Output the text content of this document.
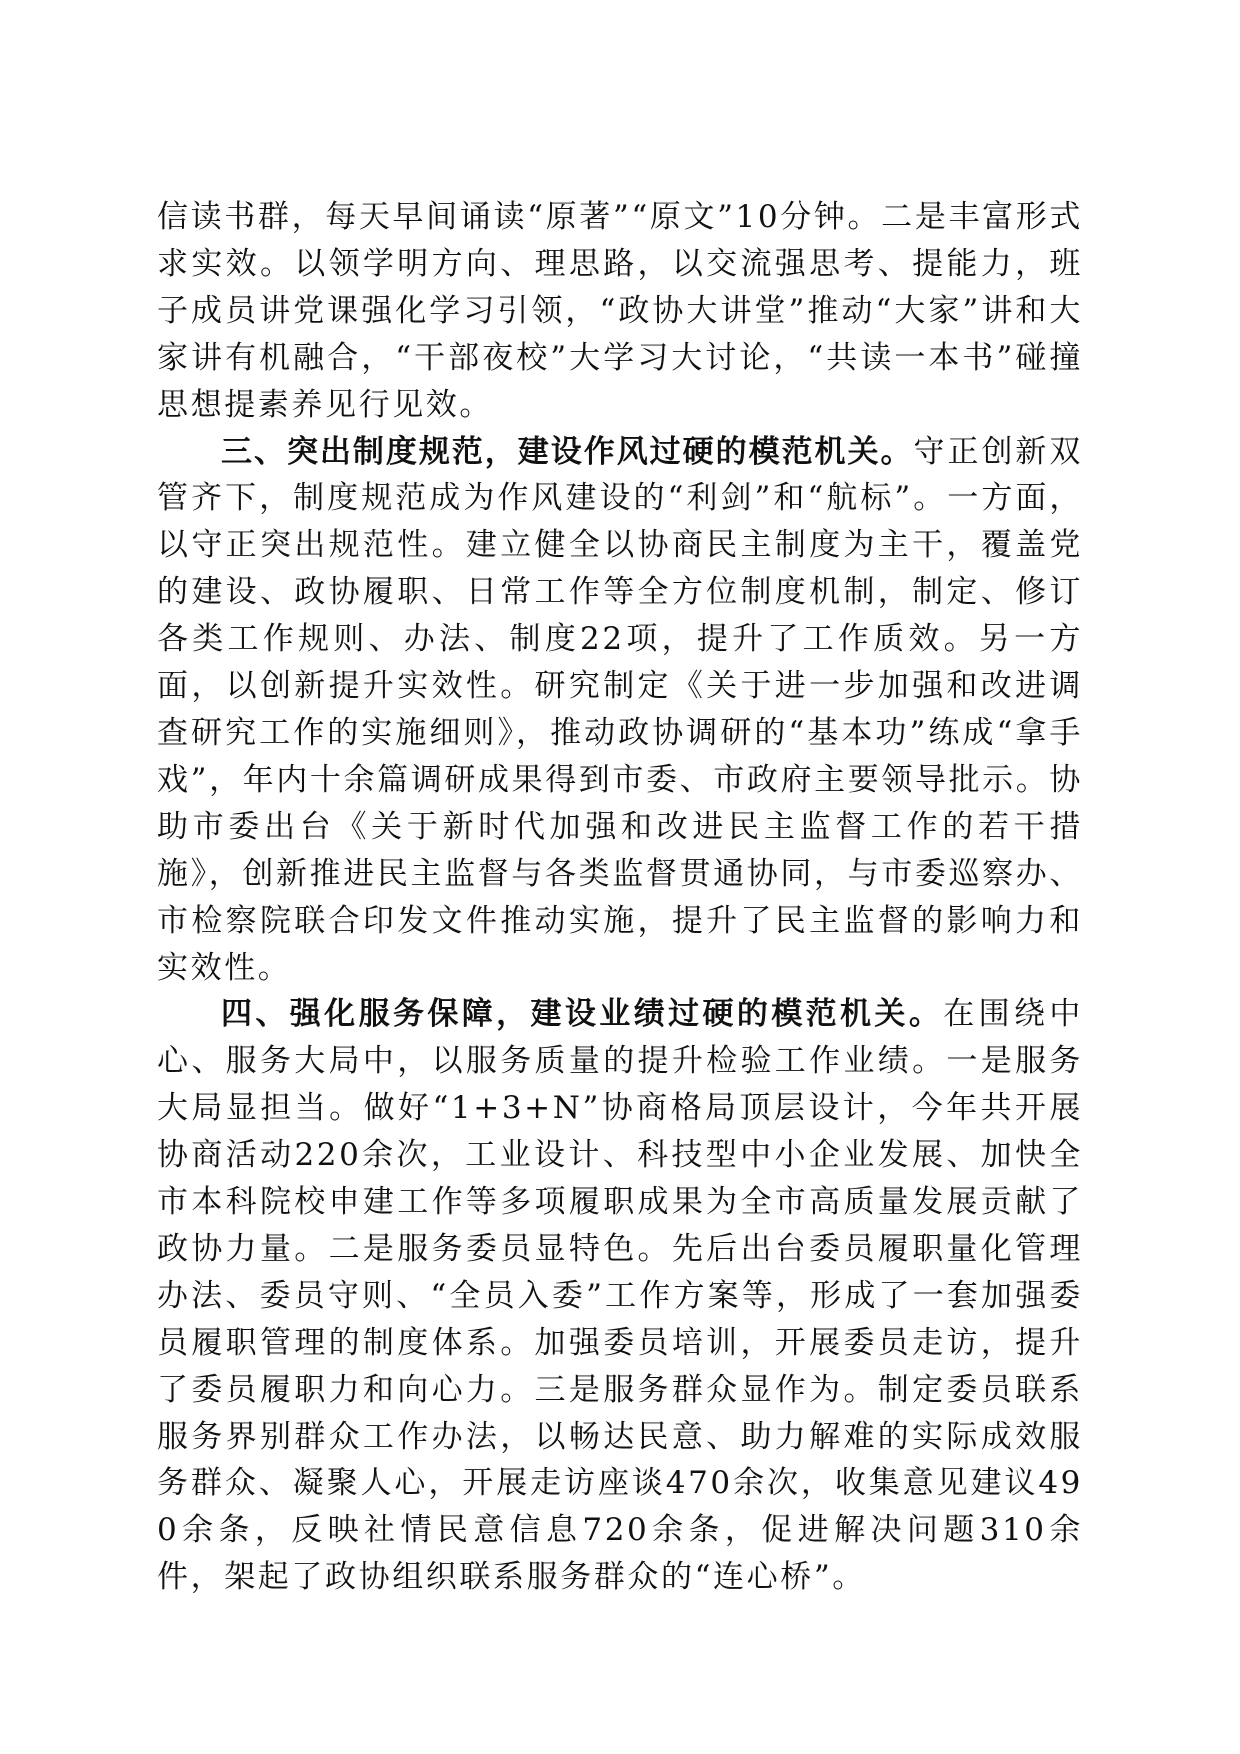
信读书群，每天早间诵读“原著”“原文”10分钟。二是丰富形式求实效。以领学明方向、理思路，以交流强思考、提能力，班子成员讲党课强化学习引领，“政协大讲堂”推动“大家”讲和大家讲有机融合，“干部夜校”大学习大讨论，“共读一本书”碰撞思想提素养见行见效。

三、突出制度规范，建设作风过硬的模范机关。守正创新双管齐下，制度规范成为作风建设的“利剑”和“航标”。一方面，以守正突出规范性。建立健全以协商民主制度为主干，覆盖党的建设、政协履职、日常工作等全方位制度机制，制定、修订各类工作规则、办法、制度22项，提升了工作质效。另一方面，以创新提升实效性。研究制定《关于进一步加强和改进调查研究工作的实施细则》，推动政协调研的“基本功”练成“拿手戏”，年内十余篇调研成果得到市委、市政府主要领导批示。协助市委出台《关于新时代加强和改进民主监督工作的若干措施》，创新推进民主监督与各类监督贯通协同，与市委巡察办、市检察院联合印发文件推动实施，提升了民主监督的影响力和实效性。

四、强化服务保障，建设业绩过硬的模范机关。在围绕中心、服务大局中，以服务质量的提升检验工作业绩。一是服务大局显担当。做好“1+3+N”协商格局顶层设计，今年共开展协商活动220余次，工业设计、科技型中小企业发展、加快全市本科院校申建工作等多项履职成果为全市高质量发展贡献了政协力量。二是服务委员显特色。先后出台委员履职量化管理办法、委员守则、“全员入委”工作方案等，形成了一套加强委员履职管理的制度体系。加强委员培训，开展委员走访，提升了委员履职力和向心力。三是服务群众显作为。制定委员联系服务界别群众工作办法，以畅达民意、助力解难的实际成效服务群众、凝聚人心，开展走访座谈470余次，收集意见建议490余条，反映社情民意信息720余条，促进解决问题310余件，架起了政协组织联系服务群众的“连心桥”。
